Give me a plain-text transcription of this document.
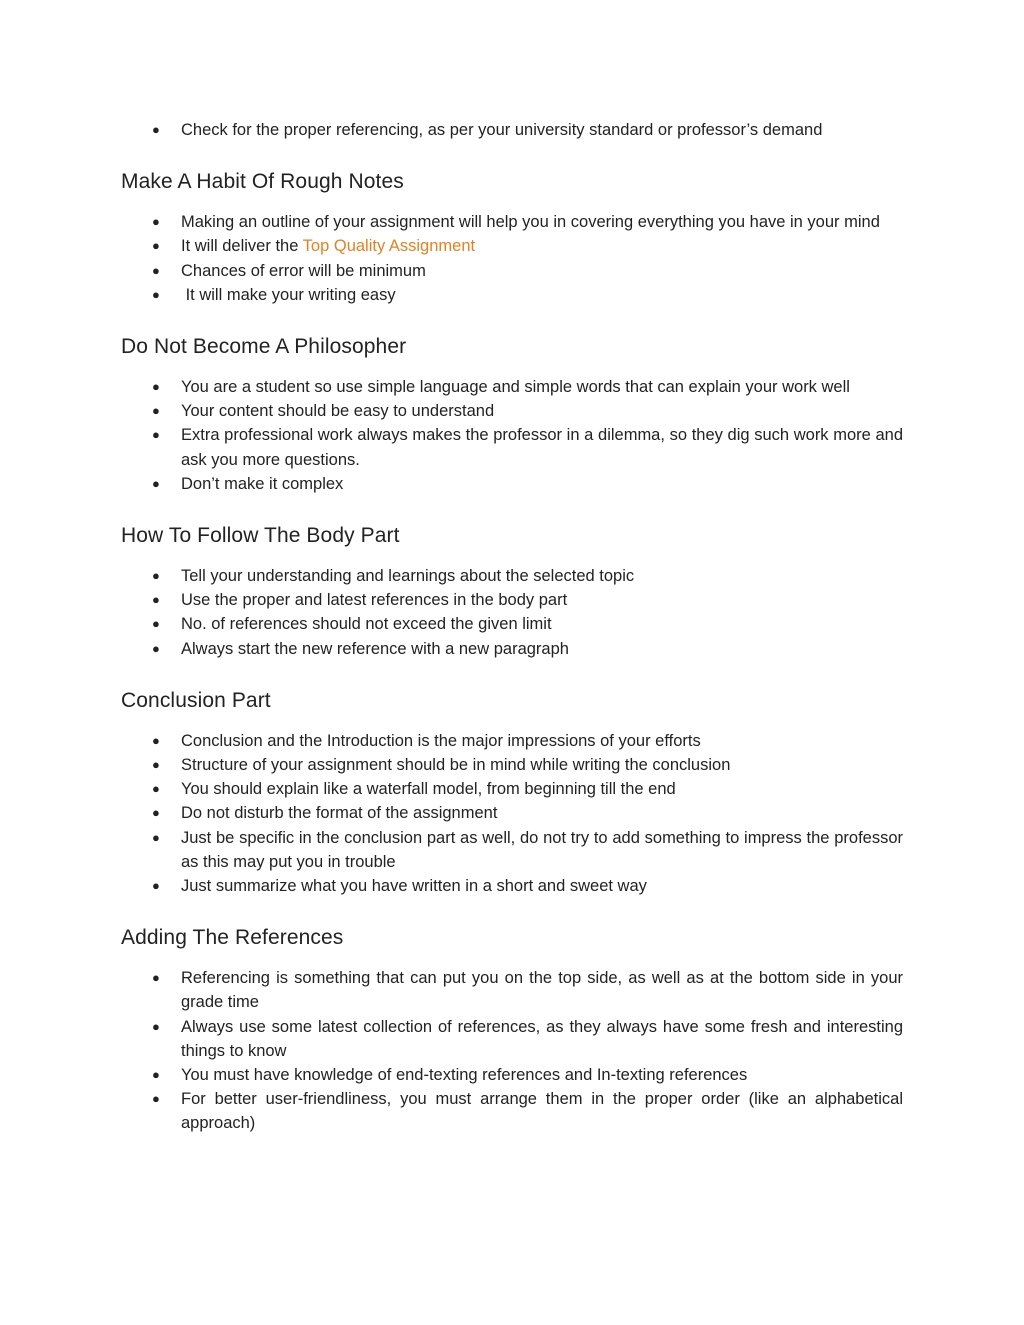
● Check for the proper referencing, as per your university standard or professor’s demand
Make A Habit Of Rough Notes
● Making an outline of your assignment will help you in covering everything you have in your mind
● It will deliver the Top Quality Assignment
● Chances of error will be minimum
●  It will make your writing easy
Do Not Become A Philosopher
● You are a student so use simple language and simple words that can explain your work well
● Your content should be easy to understand
● Extra professional work always makes the professor in a dilemma, so they dig such work more and ask you more questions.
● Don’t make it complex
How To Follow The Body Part
● Tell your understanding and learnings about the selected topic
● Use the proper and latest references in the body part
● No. of references should not exceed the given limit
● Always start the new reference with a new paragraph
Conclusion Part
● Conclusion and the Introduction is the major impressions of your efforts
● Structure of your assignment should be in mind while writing the conclusion
● You should explain like a waterfall model, from beginning till the end
● Do not disturb the format of the assignment
● Just be specific in the conclusion part as well, do not try to add something to impress the professor as this may put you in trouble
● Just summarize what you have written in a short and sweet way
Adding The References
● Referencing is something that can put you on the top side, as well as at the bottom side in your grade time
● Always use some latest collection of references, as they always have some fresh and interesting things to know
● You must have knowledge of end-texting references and In-texting references
● For better user-friendliness, you must arrange them in the proper order (like an alphabetical approach)
